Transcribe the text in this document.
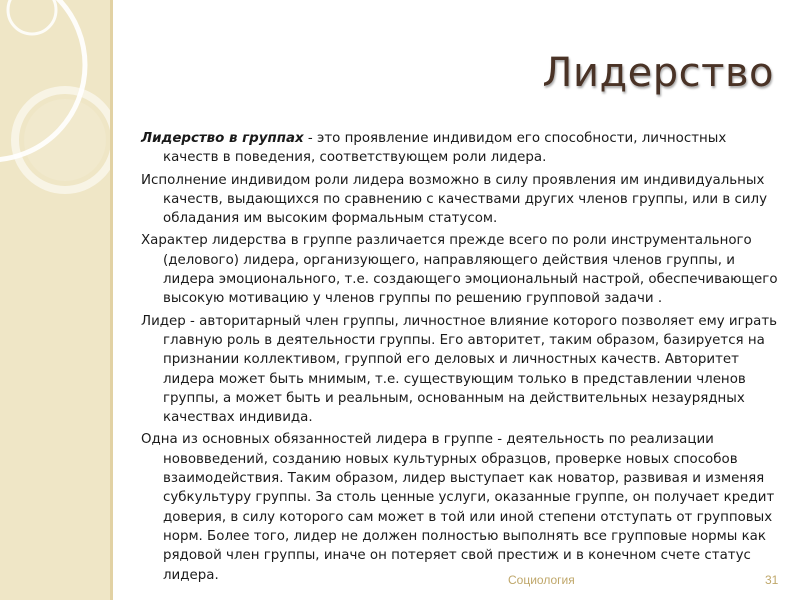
Лидерство

Лидерство в группах - это проявление индивидом его способности, личностных качеств в поведения, соответствующем роли лидера.

Исполнение индивидом роли лидера возможно в силу проявления им индивидуальных качеств, выдающихся по сравнению с качествами других членов группы, или в силу обладания им высоким формальным статусом.

Характер лидерства в группе различается прежде всего по роли инструментального (делового) лидера, организующего, направляющего действия членов группы, и лидера эмоционального, т.е. создающего эмоциональный настрой, обеспечивающего высокую мотивацию у членов группы по решению групповой задачи .

Лидер - авторитарный член группы, личностное влияние которого позволяет ему играть главную роль в деятельности группы. Его авторитет, таким образом, базируется на признании коллективом, группой его деловых и личностных качеств. Авторитет лидера может быть мнимым, т.е. существующим только в представлении членов группы, а может быть и реальным, основанным на действительных незаурядных качествах индивида.

Одна из основных обязанностей лидера в группе - деятельность по реализации нововведений, созданию новых культурных образцов, проверке новых способов взаимодействия. Таким образом, лидер выступает как новатор, развивая и изменяя субкультуру группы. За столь ценные услуги, оказанные группе, он получает кредит доверия, в силу которого сам может в той или иной степени отступать от групповых норм. Более того, лидер не должен полностью выполнять все групповые нормы как рядовой член группы, иначе он потеряет свой престиж и в конечном счете статус лидера.	Социология	31
